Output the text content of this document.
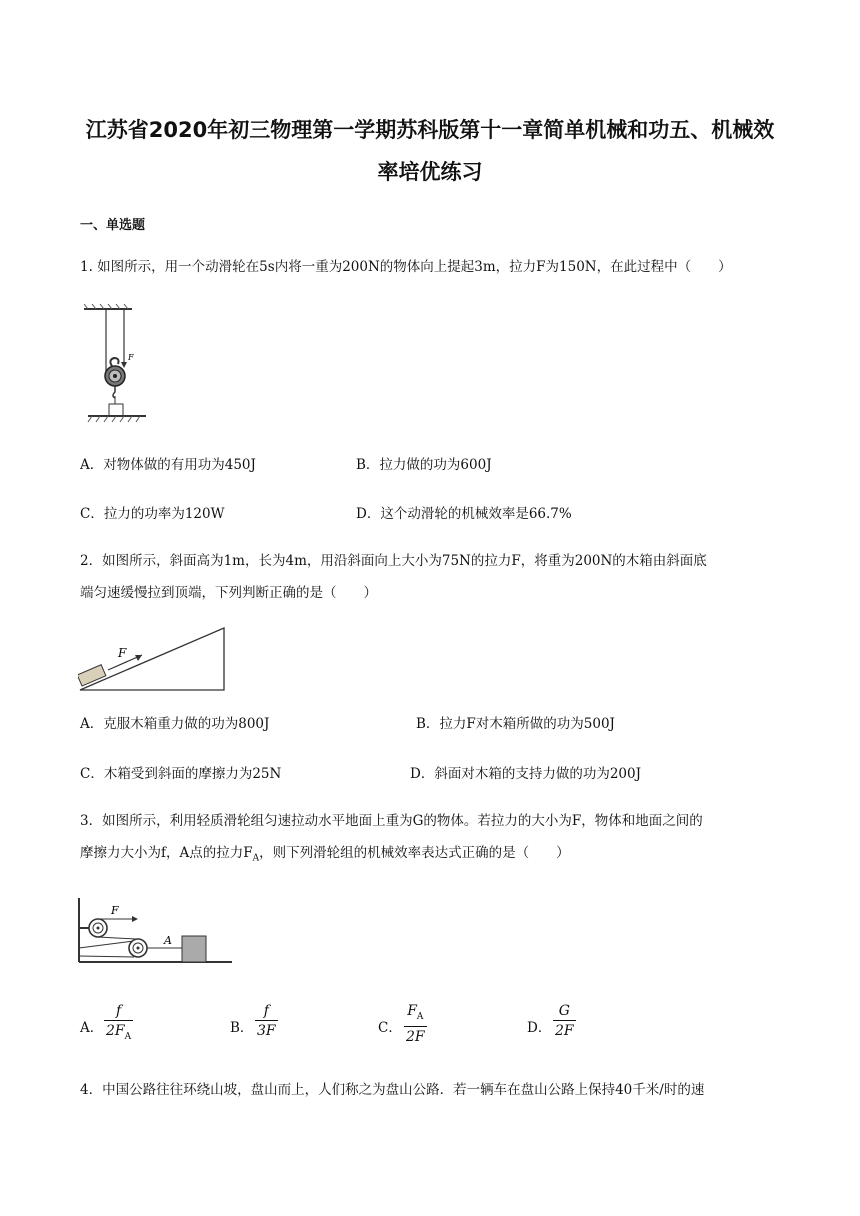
江苏省2020年初三物理第一学期苏科版第十一章简单机械和功五、机械效
率培优练习
一、单选题
1. 如图所示，用一个动滑轮在5s内将一重为200N的物体向上提起3m，拉力F为150N，在此过程中（　　）
F
A．对物体做的有用功为450J	B．拉力做的功为600J
C．拉力的功率为120W	D．这个动滑轮的机械效率是66.7%
2．如图所示，斜面高为1m，长为4m，用沿斜面向上大小为75N的拉力F，将重为200N的木箱由斜面底
端匀速缓慢拉到顶端，下列判断正确的是（　　）
F
A．克服木箱重力做的功为800J	B．拉力F对木箱所做的功为500J
C．木箱受到斜面的摩擦力为25N	D．斜面对木箱的支持力做的功为200J
3．如图所示，利用轻质滑轮组匀速拉动水平地面上重为G的物体。若拉力的大小为F，物体和地面之间的
摩擦力大小为f，A点的拉力$F_A$，则下列滑轮组的机械效率表达式正确的是（　　）
F
A
A．
f
$2F_A$
B．
f
3F	C．
$F_A$
2F
D．
G
2F
4．中国公路往往环绕山坡，盘山而上，人们称之为盘山公路．若一辆车在盘山公路上保持40千米/时的速
